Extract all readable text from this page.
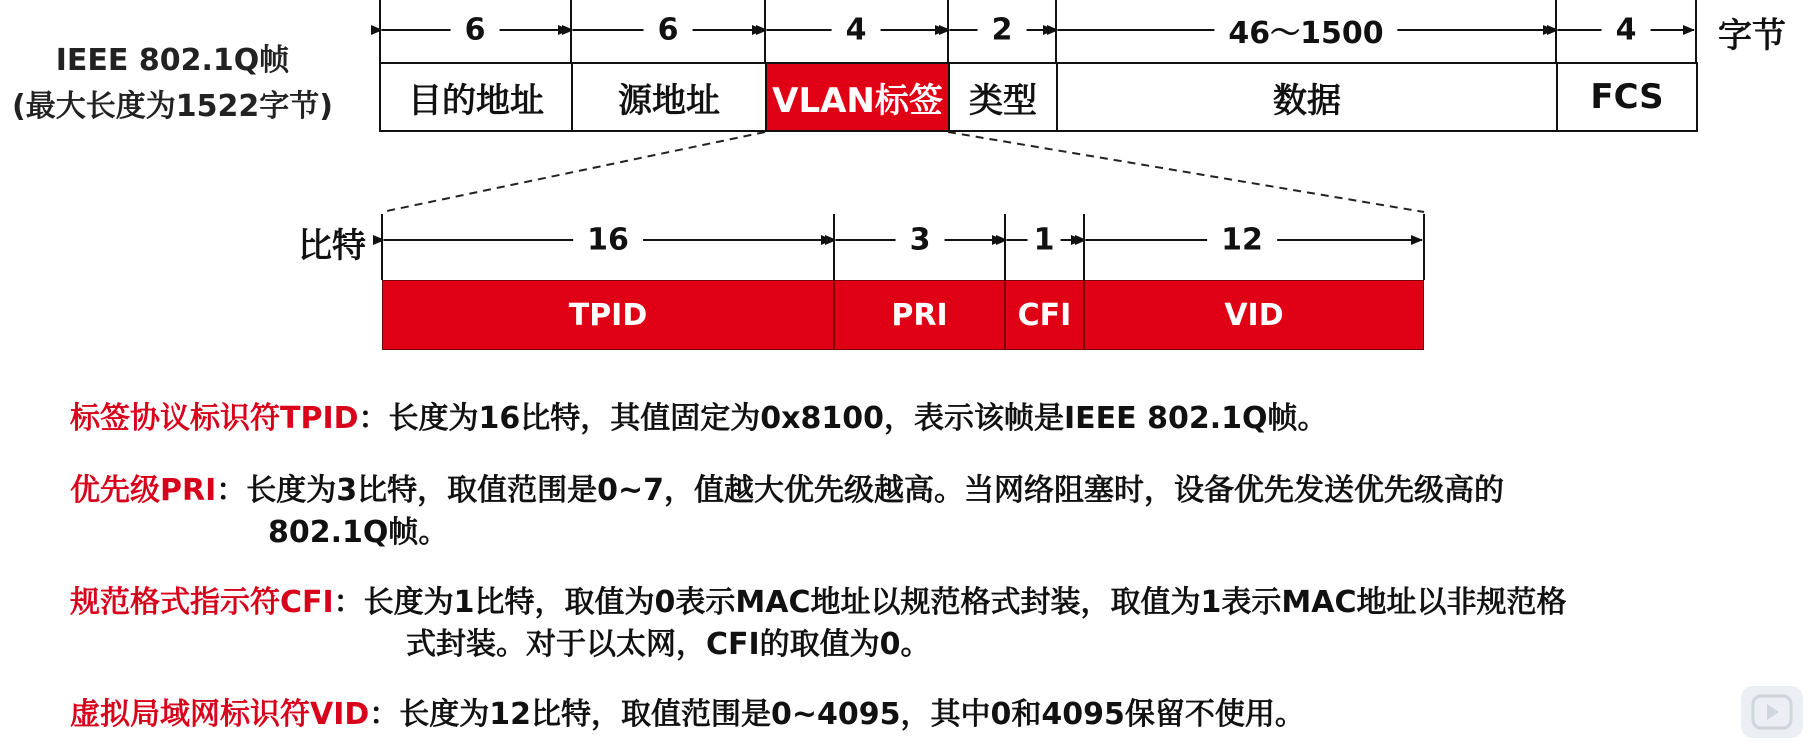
IEEE 802.1Q帧
(最大长度为1522字节)
6	6	4	2	46～1500	4	字节
目的地址	源地址	VLAN标签 类型	数据	FCS
比特	16	3	1	12
TPID	PRI	CFI	VID
标签协议标识符TPID：长度为16比特，其值固定为0x8100，表示该帧是IEEE 802.1Q帧。
优先级PRI：长度为3比特，取值范围是0~7，值越大优先级越高。当网络阻塞时，设备优先发送优先级高的
802.1Q帧。
规范格式指示符CFI：长度为1比特，取值为0表示MAC地址以规范格式封装，取值为1表示MAC地址以非规范格
式封装。对于以太网，CFI的取值为0。
虚拟局域网标识符VID：长度为12比特，取值范围是0~4095，其中0和4095保留不使用。
